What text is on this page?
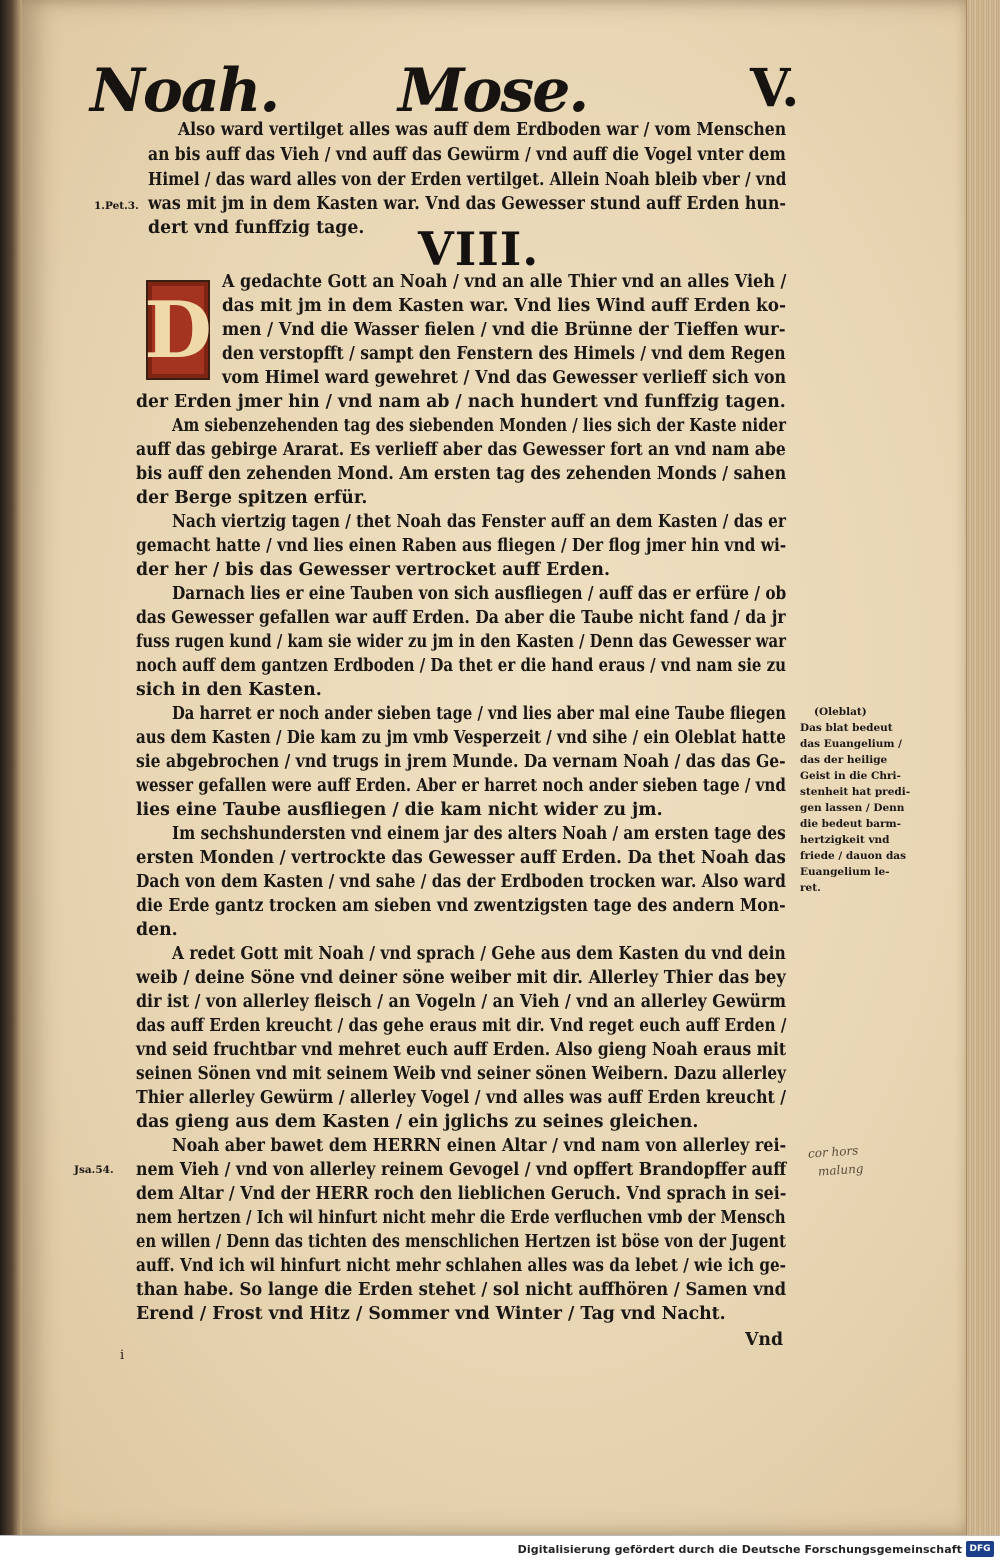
Noah. Mose.	V.
Also ward vertilget alles was auff dem Erdboden war / vom Menschen
an bis auff das Vieh / vnd auff das Gewürm / vnd auff die Vogel vnter dem
Himel / das ward alles von der Erden vertilget. Allein Noah bleib vber / vnd
was mit jm in dem Kasten war. Vnd das Gewesser stund auff Erden hun-
dert vnd funffzig tage.
1.Pet.3.
VIII.
D
A gedachte Gott an Noah / vnd an alle Thier vnd an alles Vieh /
das mit jm in dem Kasten war. Vnd lies Wind auff Erden ko-
men / Vnd die Wasser fielen / vnd die Brünne der Tieffen wur-
den verstopfft / sampt den Fenstern des Himels / vnd dem Regen
vom Himel ward gewehret / Vnd das Gewesser verlieff sich von
der Erden jmer hin / vnd nam ab / nach hundert vnd funffzig tagen.
Am siebenzehenden tag des siebenden Monden / lies sich der Kaste nider
auff das gebirge Ararat. Es verlieff aber das Gewesser fort an vnd nam abe
bis auff den zehenden Mond. Am ersten tag des zehenden Monds / sahen
der Berge spitzen erfür.
Nach viertzig tagen / thet Noah das Fenster auff an dem Kasten / das er
gemacht hatte / vnd lies einen Raben aus fliegen / Der flog jmer hin vnd wi-
der her / bis das Gewesser vertrocket auff Erden.
Darnach lies er eine Tauben von sich ausfliegen / auff das er erfüre / ob
das Gewesser gefallen war auff Erden. Da aber die Taube nicht fand / da jr
fuss rugen kund / kam sie wider zu jm in den Kasten / Denn das Gewesser war
noch auff dem gantzen Erdboden / Da thet er die hand eraus / vnd nam sie zu
sich in den Kasten.
Da harret er noch ander sieben tage / vnd lies aber mal eine Taube fliegen
aus dem Kasten / Die kam zu jm vmb Vesperzeit / vnd sihe / ein Oleblat hatte
sie abgebrochen / vnd trugs in jrem Munde. Da vernam Noah / das das Ge-
wesser gefallen were auff Erden. Aber er harret noch ander sieben tage / vnd
lies eine Taube ausfliegen / die kam nicht wider zu jm.
Im sechshundersten vnd einem jar des alters Noah / am ersten tage des
ersten Monden / vertrockte das Gewesser auff Erden. Da thet Noah das
Dach von dem Kasten / vnd sahe / das der Erdboden trocken war. Also ward
die Erde gantz trocken am sieben vnd zwentzigsten tage des andern Mon-
den.
A redet Gott mit Noah / vnd sprach / Gehe aus dem Kasten du vnd dein
weib / deine Söne vnd deiner söne weiber mit dir. Allerley Thier das bey
dir ist / von allerley fleisch / an Vogeln / an Vieh / vnd an allerley Gewürm
das auff Erden kreucht / das gehe eraus mit dir. Vnd reget euch auff Erden /
vnd seid fruchtbar vnd mehret euch auff Erden. Also gieng Noah eraus mit
seinen Sönen vnd mit seinem Weib vnd seiner sönen Weibern. Dazu allerley
Thier allerley Gewürm / allerley Vogel / vnd alles was auff Erden kreucht /
das gieng aus dem Kasten / ein jglichs zu seines gleichen.
Noah aber bawet dem HERRN einen Altar / vnd nam von allerley rei-
nem Vieh / vnd von allerley reinem Gevogel / vnd opffert Brandopffer auff
dem Altar / Vnd der HERR roch den lieblichen Geruch. Vnd sprach in sei-
nem hertzen / Ich wil hinfurt nicht mehr die Erde verfluchen vmb der Mensch
en willen / Denn das tichten des menschlichen Hertzen ist böse von der Jugent
auff. Vnd ich wil hinfurt nicht mehr schlahen alles was da lebet / wie ich ge-
than habe. So lange die Erden stehet / sol nicht auffhören / Samen vnd
Erend / Frost vnd Hitz / Sommer vnd Winter / Tag vnd Nacht.
(Oleblat)
Das blat bedeut
das Euangelium /
das der heilige
Geist in die Chri-
stenheit hat predi-
gen lassen / Denn
die bedeut barm-
hertzigkeit vnd
friede / dauon das
Euangelium le-
ret.
Jsa.54.
cor hors
malung
Vnd
i
Digitalisierung gefördert durch die Deutsche Forschungsgemeinschaft DFG
